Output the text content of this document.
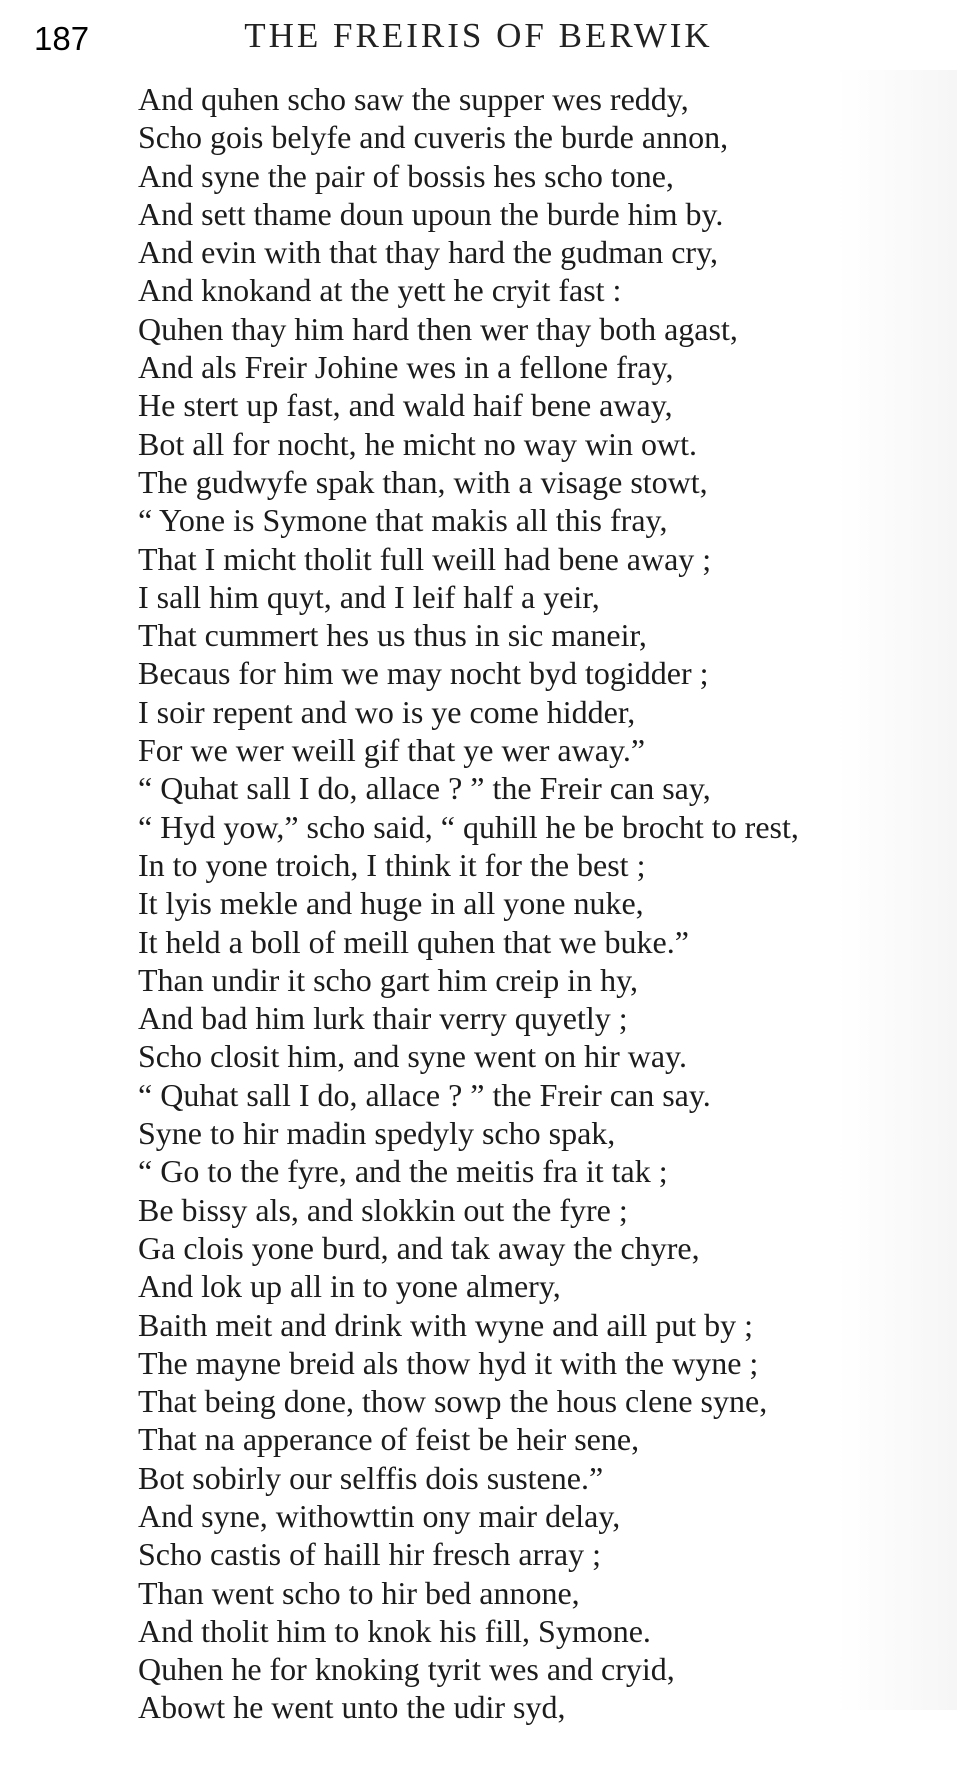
187	THE FREIRIS OF BERWIK
And quhen scho saw the supper wes reddy,
Scho gois belyfe and cuveris the burde annon,
And syne the pair of bossis hes scho tone,
And sett thame doun upoun the burde him by.
And evin with that thay hard the gudman cry,
And knokand at the yett he cryit fast :
Quhen thay him hard then wer thay both agast,
And als Freir Johine wes in a fellone fray,
He stert up fast, and wald haif bene away,
Bot all for nocht, he micht no way win owt.
The gudwyfe spak than, with a visage stowt,
“ Yone is Symone that makis all this fray,
That I micht tholit full weill had bene away ;
I sall him quyt, and I leif half a yeir,
That cummert hes us thus in sic maneir,
Becaus for him we may nocht byd togidder ;
I soir repent and wo is ye come hidder,
For we wer weill gif that ye wer away.”
“ Quhat sall I do, allace ? ” the Freir can say,
“ Hyd yow,” scho said, “ quhill he be brocht to rest,
In to yone troich, I think it for the best ;
It lyis mekle and huge in all yone nuke,
It held a boll of meill quhen that we buke.”
Than undir it scho gart him creip in hy,
And bad him lurk thair verry quyetly ;
Scho closit him, and syne went on hir way.
“ Quhat sall I do, allace ? ” the Freir can say.
Syne to hir madin spedyly scho spak,
“ Go to the fyre, and the meitis fra it tak ;
Be bissy als, and slokkin out the fyre ;
Ga clois yone burd, and tak away the chyre,
And lok up all in to yone almery,
Baith meit and drink with wyne and aill put by ;
The mayne breid als thow hyd it with the wyne ;
That being done, thow sowp the hous clene syne,
That na apperance of feist be heir sene,
Bot sobirly our selffis dois sustene.”
And syne, withowttin ony mair delay,
Scho castis of haill hir fresch array ;
Than went scho to hir bed annone,
And tholit him to knok his fill, Symone.
Quhen he for knoking tyrit wes and cryid,
Abowt he went unto the udir syd,
